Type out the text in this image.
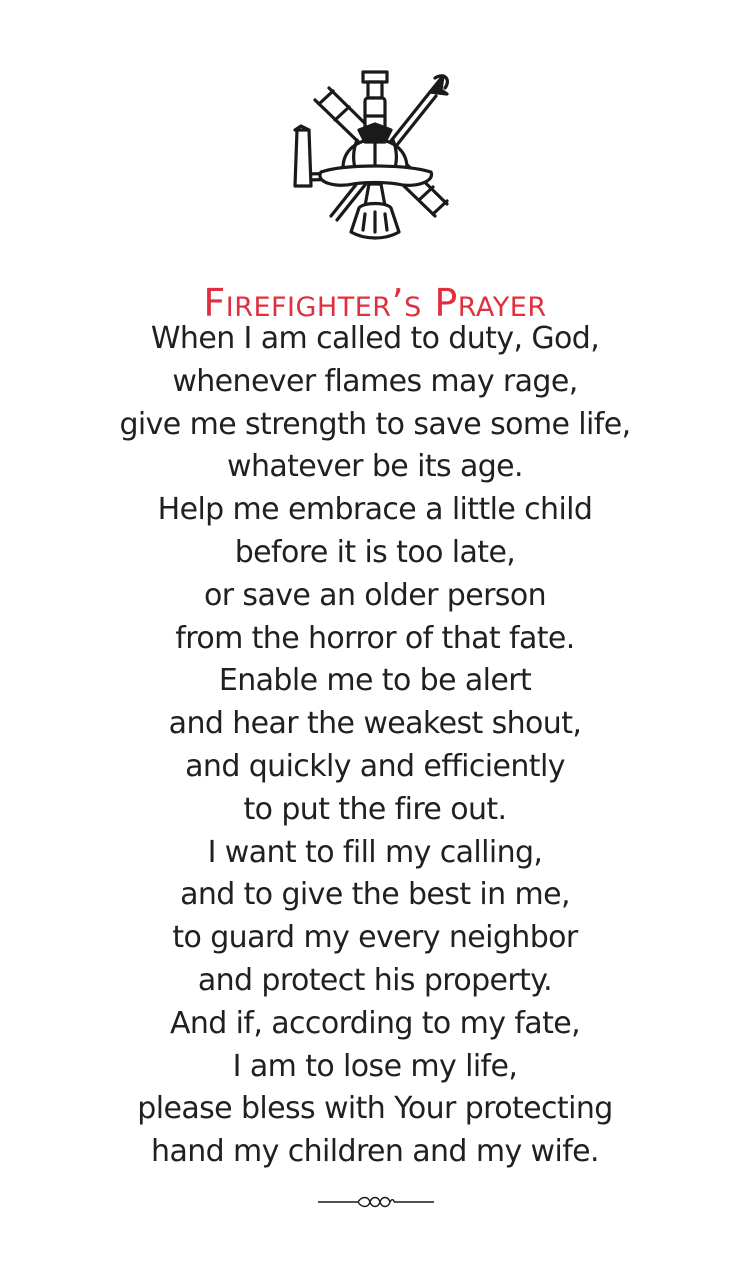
Firefighter’s Prayer
When I am called to duty, God,
whenever flames may rage,
give me strength to save some life,
whatever be its age.
Help me embrace a little child
before it is too late,
or save an older person
from the horror of that fate.
Enable me to be alert
and hear the weakest shout,
and quickly and efficiently
to put the fire out.
I want to fill my calling,
and to give the best in me,
to guard my every neighbor
and protect his property.
And if, according to my fate,
I am to lose my life,
please bless with Your protecting
hand my children and my wife.
